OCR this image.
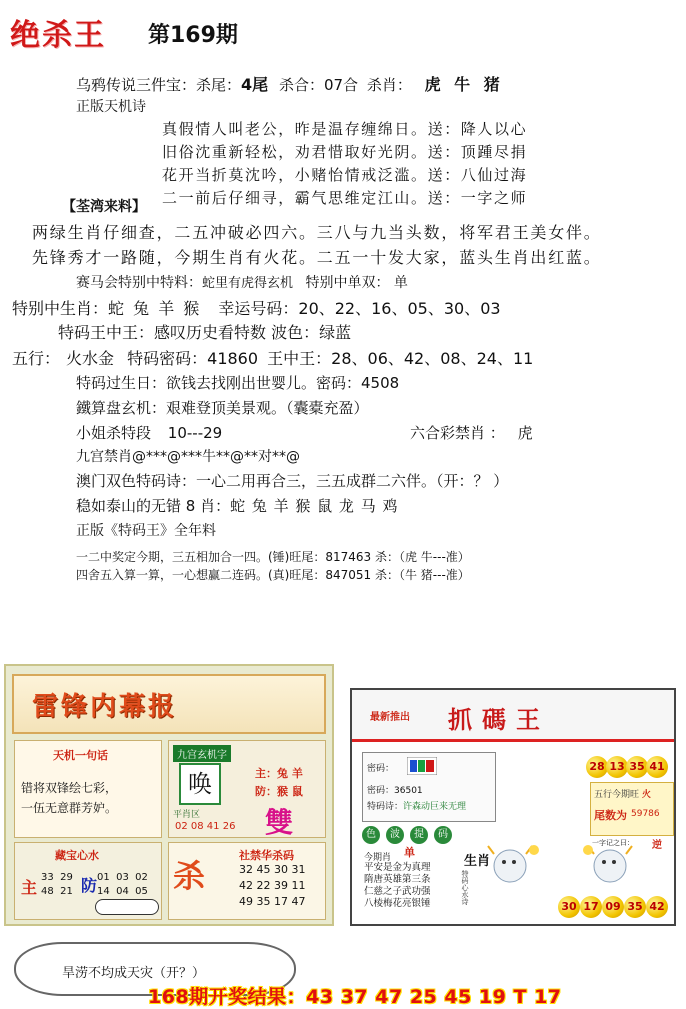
绝杀王 第169期
乌鸦传说三件宝：杀尾：4尾 杀合：07合 杀肖： 虎 牛 猪
正版天机诗
真假情人叫老公，昨是温存缠绵日。送：降人以心
旧俗沈重新轻松，劝君惜取好光阴。送：顶踵尽捐
花开当折莫沈吟，小赌怡情戒泛滥。送：八仙过海
二一前后仔细寻，霸气思维定江山。送：一字之师
【荃湾来料】
两绿生肖仔细查，二五冲破必四六。三八与九当头数，将军君王美女伴。
先锋秀才一路随，今期生肖有火花。二五一十发大家，蓝头生肖出红蓝。
赛马会特别中特料：蛇里有虎得玄机 特别中单双： 单
特别中生肖：蛇 兔 羊 猴 幸运号码：20、22、16、05、30、03
特码王中王：感叹历史看特数 波色：绿蓝
五行： 火水金 特码密码：41860 王中王：28、06、42、08、24、11
特码过生日：欲钱去找刚出世婴儿。密码：4508
鐵算盘玄机：艰难登顶美景观。（囊橐充盈）
小姐杀特段 10---29	六合彩禁肖 ： 虎
九宫禁肖@***@***牛**@**对**@
澳门双色特码诗：一心二用再合三，三五成群二六伴。（开：？ ）
稳如泰山的无错 8 肖：蛇 兔 羊 猴 鼠 龙 马 鸡
正版《特码王》全年料
一二中奖定今期，三五相加合一四。(锤)旺尾：817463 杀：（虎 牛---准）
四舍五入算一算，一心想赢二连码。(真)旺尾：847051 杀：（牛 猪---准）
雷锋内幕报
天机一句话
错将双锋绘七彩，
一伍无意群芳妒。
九宫玄机字
唤	主：兔 羊
防：猴 鼠
平肖区
02 08 41 26 雙
藏宝心水
主
33  29
48  21 防 01  03  02
14  04  05 杀
社禁华杀码
32 45 30 31
42 22 39 11
49 35 17 47
最新推出 抓碼王
密码：
密码：36501
特码诗：许森动巨来无理
28 13 35 41
五行今期旺 火
尾数为 59786
色	波	提	码
今期肖 单
生肖
平安是金为真理
隋唐英雄第三条
仁慈之子武功强
八棱梅花亮银锤	特码心水诗
一字记之曰： 逆
30 17 09 35 42
旱涝不均成天灾（开？）
168期开奖结果：43 37 47 25 45 19 T 17
